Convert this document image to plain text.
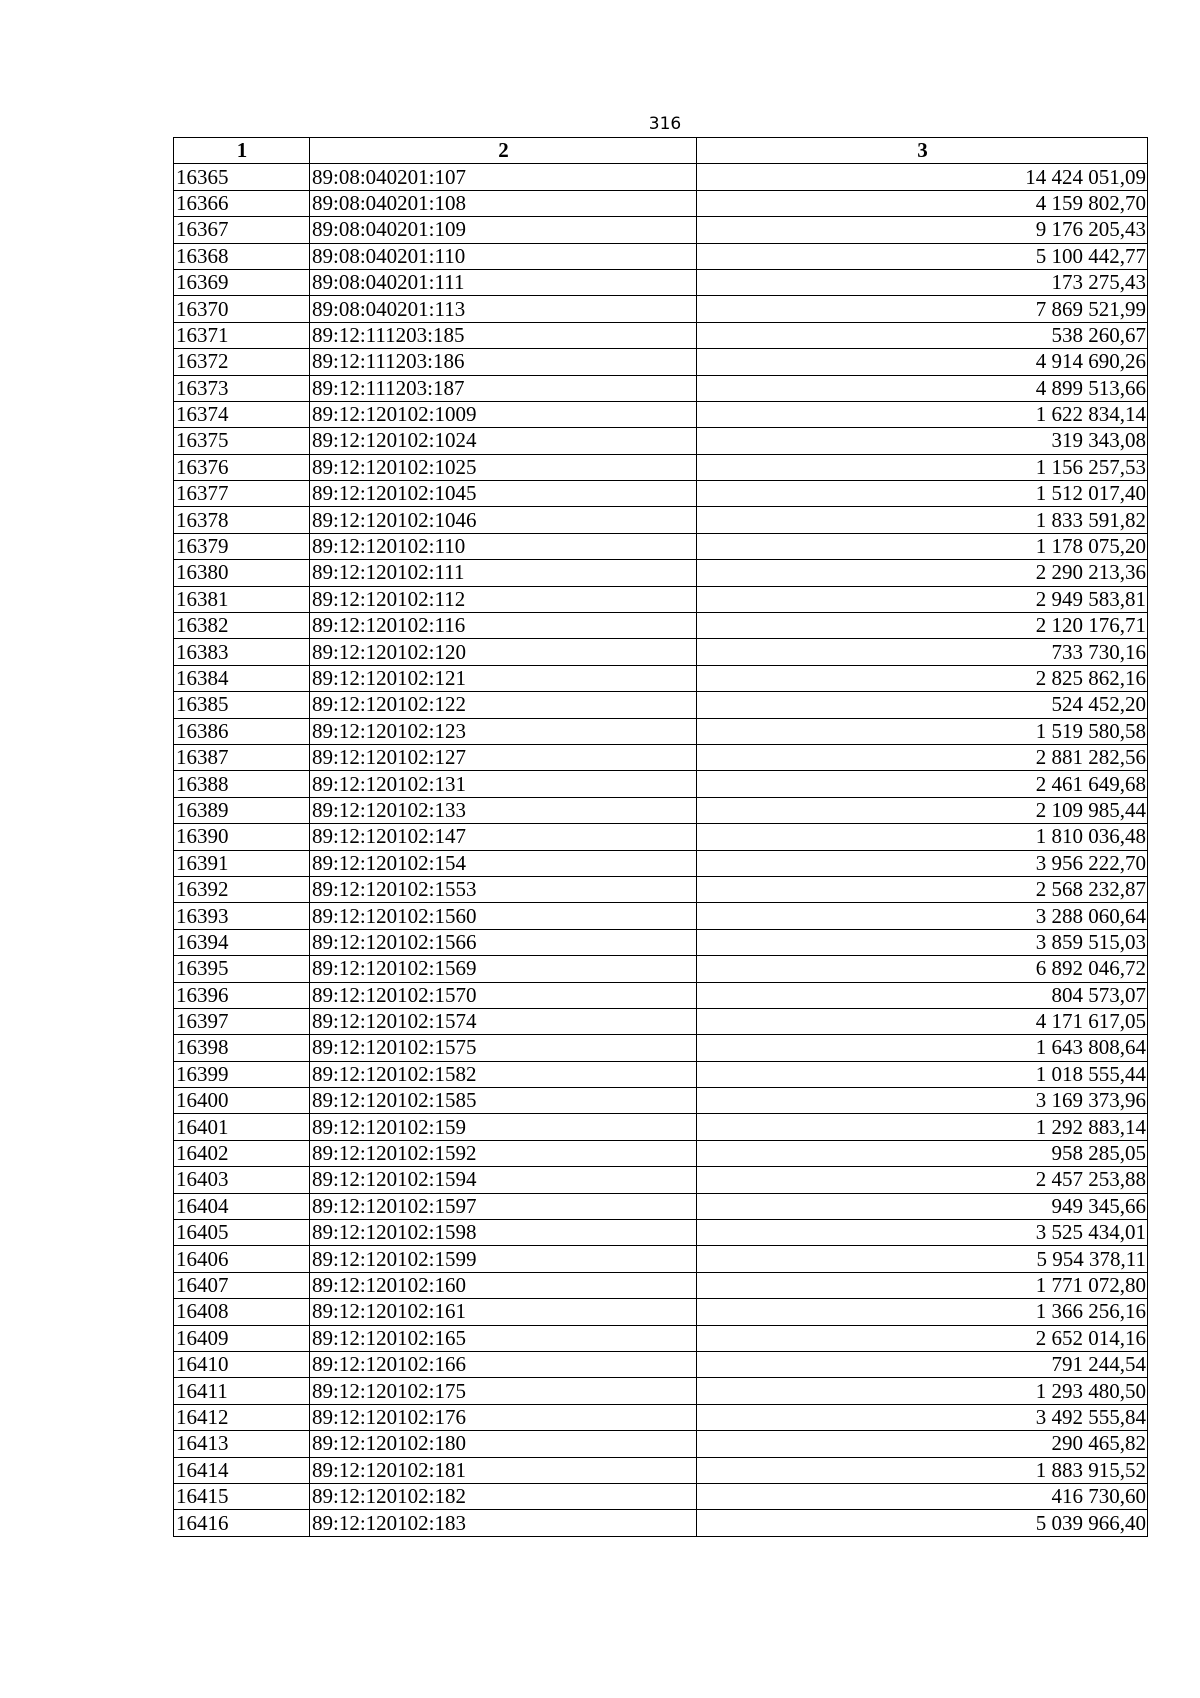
316
1	2	3
16365	89:08:040201:107	14 424 051,09
16366	89:08:040201:108	4 159 802,70
16367	89:08:040201:109	9 176 205,43
16368	89:08:040201:110	5 100 442,77
16369	89:08:040201:111	173 275,43
16370	89:08:040201:113	7 869 521,99
16371	89:12:111203:185	538 260,67
16372	89:12:111203:186	4 914 690,26
16373	89:12:111203:187	4 899 513,66
16374	89:12:120102:1009	1 622 834,14
16375	89:12:120102:1024	319 343,08
16376	89:12:120102:1025	1 156 257,53
16377	89:12:120102:1045	1 512 017,40
16378	89:12:120102:1046	1 833 591,82
16379	89:12:120102:110	1 178 075,20
16380	89:12:120102:111	2 290 213,36
16381	89:12:120102:112	2 949 583,81
16382	89:12:120102:116	2 120 176,71
16383	89:12:120102:120	733 730,16
16384	89:12:120102:121	2 825 862,16
16385	89:12:120102:122	524 452,20
16386	89:12:120102:123	1 519 580,58
16387	89:12:120102:127	2 881 282,56
16388	89:12:120102:131	2 461 649,68
16389	89:12:120102:133	2 109 985,44
16390	89:12:120102:147	1 810 036,48
16391	89:12:120102:154	3 956 222,70
16392	89:12:120102:1553	2 568 232,87
16393	89:12:120102:1560	3 288 060,64
16394	89:12:120102:1566	3 859 515,03
16395	89:12:120102:1569	6 892 046,72
16396	89:12:120102:1570	804 573,07
16397	89:12:120102:1574	4 171 617,05
16398	89:12:120102:1575	1 643 808,64
16399	89:12:120102:1582	1 018 555,44
16400	89:12:120102:1585	3 169 373,96
16401	89:12:120102:159	1 292 883,14
16402	89:12:120102:1592	958 285,05
16403	89:12:120102:1594	2 457 253,88
16404	89:12:120102:1597	949 345,66
16405	89:12:120102:1598	3 525 434,01
16406	89:12:120102:1599	5 954 378,11
16407	89:12:120102:160	1 771 072,80
16408	89:12:120102:161	1 366 256,16
16409	89:12:120102:165	2 652 014,16
16410	89:12:120102:166	791 244,54
16411	89:12:120102:175	1 293 480,50
16412	89:12:120102:176	3 492 555,84
16413	89:12:120102:180	290 465,82
16414	89:12:120102:181	1 883 915,52
16415	89:12:120102:182	416 730,60
16416	89:12:120102:183	5 039 966,40
